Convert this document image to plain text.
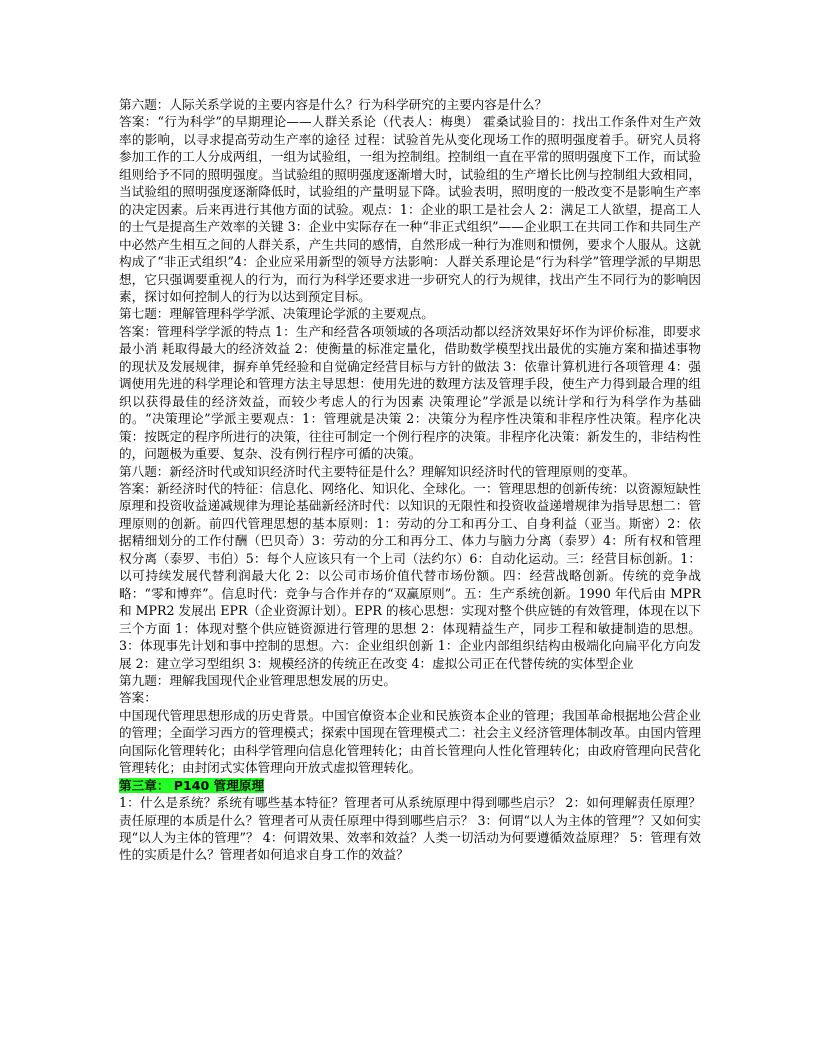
第六题：人际关系学说的主要内容是什么？行为科学研究的主要内容是什么？

答案：“行为科学”的早期理论——人群关系论（代表人：梅奥） 霍桑试验目的：找出工作条件对生产效率的影响，以寻求提高劳动生产率的途径 过程：试验首先从变化现场工作的照明强度着手。研究人员将参加工作的工人分成两组，一组为试验组，一组为控制组。控制组一直在平常的照明强度下工作，而试验组则给予不同的照明强度。当试验组的照明强度逐渐增大时，试验组的生产增长比例与控制组大致相同，当试验组的照明强度逐渐降低时，试验组的产量明显下降。试验表明，照明度的一般改变不是影响生产率的决定因素。后来再进行其他方面的试验。观点：1：企业的职工是社会人 2：满足工人欲望，提高工人的士气是提高生产效率的关键 3：企业中实际存在一种“非正式组织”——企业职工在共同工作和共同生产中必然产生相互之间的人群关系，产生共同的感情，自然形成一种行为准则和惯例，要求个人服从。这就构成了“非正式组织”4：企业应采用新型的领导方法影响：人群关系理论是“行为科学”管理学派的早期思想，它只强调要重视人的行为，而行为科学还要求进一步研究人的行为规律，找出产生不同行为的影响因素，探讨如何控制人的行为以达到预定目标。

第七题：理解管理科学学派、决策理论学派的主要观点。

答案：管理科学学派的特点 1：生产和经营各项领域的各项活动都以经济效果好坏作为评价标准，即要求最小消 耗取得最大的经济效益 2：使衡量的标准定量化，借助数学模型找出最优的实施方案和描述事物的现状及发展规律，摒弃单凭经验和自觉确定经营目标与方针的做法 3：依靠计算机进行各项管理 4：强调使用先进的科学理论和管理方法主导思想：使用先进的数理方法及管理手段，使生产力得到最合理的组织以获得最佳的经济效益，而较少考虑人的行为因素 决策理论”学派是以统计学和行为科学作为基础的。“决策理论”学派主要观点：1：管理就是决策 2：决策分为程序性决策和非程序性决策。程序化决策：按既定的程序所进行的决策，往往可制定一个例行程序的决策。非程序化决策：新发生的，非结构性的，问题极为重要、复杂、没有例行程序可循的决策。

第八题：新经济时代或知识经济时代主要特征是什么？理解知识经济时代的管理原则的变革。

答案：新经济时代的特征：信息化、网络化、知识化、全球化。一：管理思想的创新传统：以资源短缺性原理和投资收益递减规律为理论基础新经济时代：以知识的无限性和投资收益递增规律为指导思想二：管理原则的创新。前四代管理思想的基本原则：1：劳动的分工和再分工、自身利益（亚当。斯密）2：依据精细划分的工作付酬（巴贝奇）3：劳动的分工和再分工、体力与脑力分离（泰罗）4：所有权和管理权分离（泰罗、韦伯）5：每个人应该只有一个上司（法约尔）6：自动化运动。三：经营目标创新。1：以可持续发展代替利润最大化 2：以公司市场价值代替市场份额。四：经营战略创新。传统的竞争战略：“零和博弈”。信息时代：竞争与合作并存的“双赢原则”。五：生产系统创新。1990 年代后由 MPR 和 MPR2 发展出 EPR（企业资源计划）。EPR 的核心思想：实现对整个供应链的有效管理，体现在以下三个方面 1：体现对整个供应链资源进行管理的思想 2：体现精益生产，同步工程和敏捷制造的思想。3：体现事先计划和事中控制的思想。六：企业组织创新 1：企业内部组织结构由极端化向扁平化方向发展 2：建立学习型组织 3：规模经济的传统正在改变 4：虚拟公司正在代替传统的实体型企业

第九题：理解我国现代企业管理思想发展的历史。

答案：

中国现代管理思想形成的历史背景。中国官僚资本企业和民族资本企业的管理；我国革命根据地公营企业的管理；全面学习西方的管理模式；探索中国现在管理模式二：社会主义经济管理体制改革。由国内管理向国际化管理转化；由科学管理向信息化管理转化；由首长管理向人性化管理转化；由政府管理向民营化管理转化；由封闭式实体管理向开放式虚拟管理转化。

第三章： P140 管理原理

1：什么是系统？系统有哪些基本特征？管理者可从系统原理中得到哪些启示？ 2：如何理解责任原理？责任原理的本质是什么？管理者可从责任原理中得到哪些启示？ 3：何谓“以人为主体的管理”？又如何实现“以人为主体的管理”？ 4：何谓效果、效率和效益？人类一切活动为何要遵循效益原理？ 5：管理有效性的实质是什么？管理者如何追求自身工作的效益？
